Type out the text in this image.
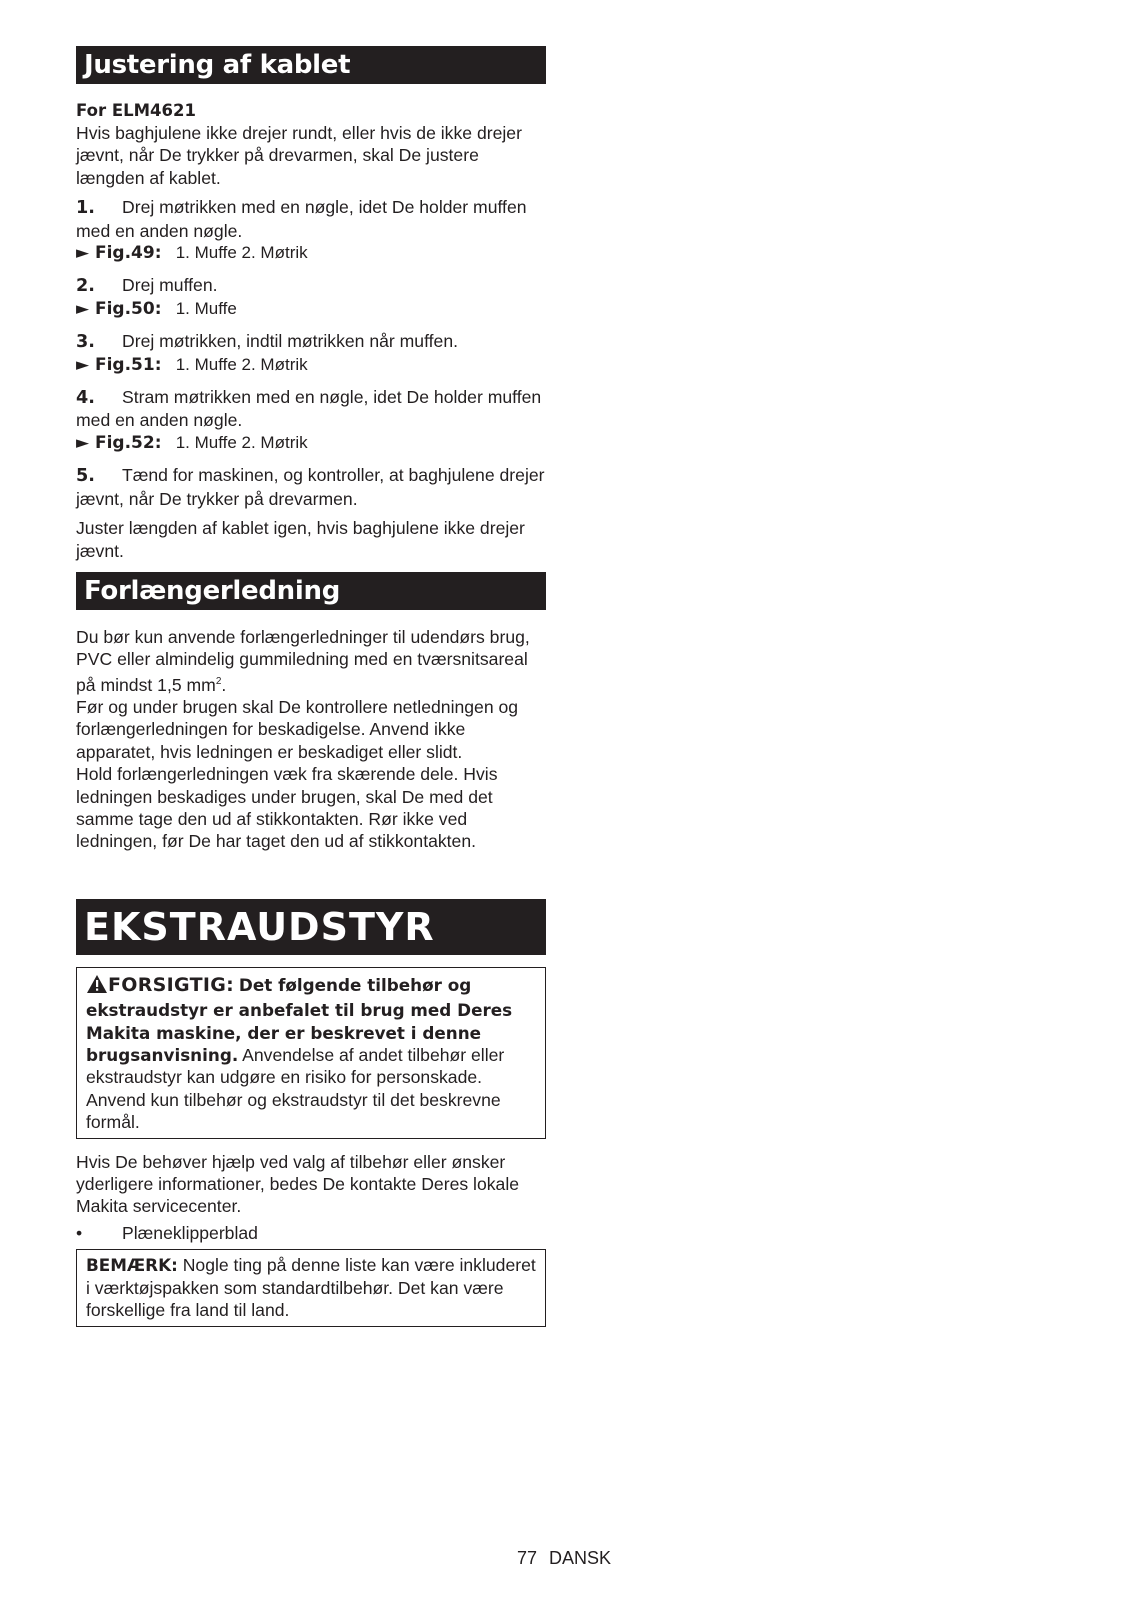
Justering af kablet
For ELM4621

Hvis baghjulene ikke drejer rundt, eller hvis de ikke drejer jævnt, når De trykker på drevarmen, skal De justere længden af kablet.

1. Drej møtrikken med en nøgle, idet De holder muffen med en anden nøgle.
► Fig.49: 1. Muffe 2. Møtrik
2. Drej muffen.
► Fig.50: 1. Muffe
3. Drej møtrikken, indtil møtrikken når muffen.
► Fig.51: 1. Muffe 2. Møtrik
4. Stram møtrikken med en nøgle, idet De holder muffen med en anden nøgle.
► Fig.52: 1. Muffe 2. Møtrik
5. Tænd for maskinen, og kontroller, at baghjulene drejer jævnt, når De trykker på drevarmen.

Juster længden af kablet igen, hvis baghjulene ikke drejer jævnt.

Forlængerledning

Du bør kun anvende forlængerledninger til udendørs brug, PVC eller almindelig gummiledning med en tværsnitsareal på mindst 1,5 $mm^2$.

Før og under brugen skal De kontrollere netledningen og forlængerledningen for beskadigelse. Anvend ikke apparatet, hvis ledningen er beskadiget eller slidt.

Hold forlængerledningen væk fra skærende dele. Hvis ledningen beskadiges under brugen, skal De med det samme tage den ud af stikkontakten. Rør ikke ved ledningen, før De har taget den ud af stikkontakten.

EKSTRAUDSTYR
FORSIGTIG: Det følgende tilbehør og ekstraudstyr er anbefalet til brug med Deres Makita maskine, der er beskrevet i denne brugsanvisning. Anvendelse af andet tilbehør eller ekstraudstyr kan udgøre en risiko for personskade. Anvend kun tilbehør og ekstraudstyr til det beskrevne formål.

Hvis De behøver hjælp ved valg af tilbehør eller ønsker yderligere informationer, bedes De kontakte Deres lokale Makita servicecenter.

• Plæneklipperblad

BEMÆRK: Nogle ting på denne liste kan være inkluderet i værktøjspakken som standardtilbehør. Det kan være forskellige fra land til land.
77 DANSK
